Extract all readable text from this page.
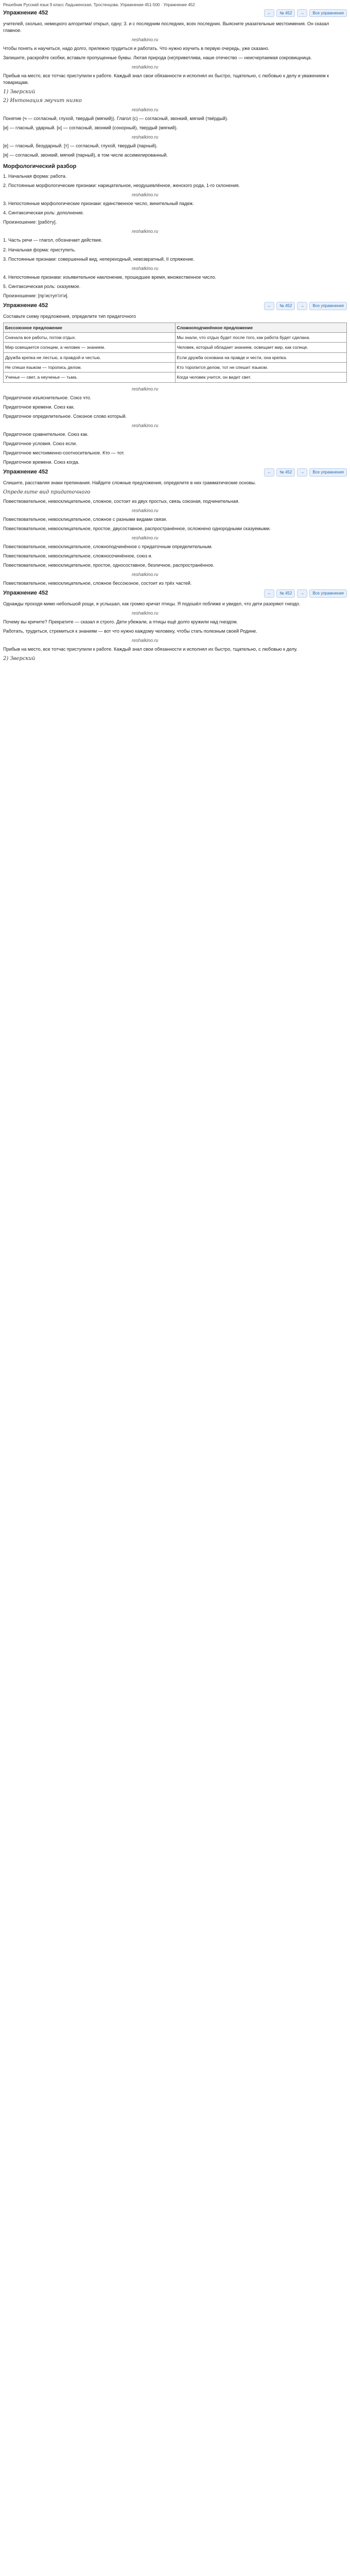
Решебник Русский язык 9 класс Ладыженская, Тростенцова. Упражнение 451-500 · Упражнение 452
Упражнение 452	←	№ 452	→	Все упражнения

учителей, сколько, немецкого алгоритма! открыл, одну; 3. и с последним последних, всех последних. Выясните указательные местоимения. Он сказал главное.

reshalkino.ru

Чтобы понять и научиться, надо долго, прилежно трудиться и работать. Что нужно изучить в первую очередь, уже сказано.

Запишите, раскройте скобки, вставьте пропущенные буквы. Лютая природа (не)приветлива, наше отечество — неисчерпаемая сокровищница.

reshalkino.ru

Прибыв на место, все тотчас приступили к работе. Каждый знал свои обязанности и исполнял их быстро, тщательно, с любовью к делу и уважением к товарищам.

1) Зверский
2) Интонация звучит низко
reshalkino.ru

Понятие (ч — согласный, глухой, твердый (мягкий)). Глагол (с) — согласный, звонкий, мягкий (твёрдый).

[и] — гласный, ударный. [н] — согласный, звонкий (сонорный), твердый (мягкий).

reshalkino.ru

[е] — гласный, безударный. [т] — согласный, глухой, твердый (парный).

[я] — согласный, звонкий, мягкий (парный), в том числе ассимилированный.

Морфологический разбор

1. Начальная форма: работа.

2. Постоянные морфологические признаки: нарицательное, неодушевлённое, женского рода, 1-го склонения.

reshalkino.ru

3. Непостоянные морфологические признаки: единственное число, винительный падеж.

4. Синтаксическая роль: дополнение.

Произношение: [рабóту].

reshalkino.ru

1. Часть речи — глагол, обозначает действие.

2. Начальная форма: приступить.

3. Постоянные признаки: совершенный вид, непереходный, невозвратный, II спряжение.

reshalkino.ru

4. Непостоянные признаки: изъявительное наклонение, прошедшее время, множественное число.

5. Синтаксическая роль: сказуемое.

Произношение: [пр’иступ’íл’и].

Упражнение 452	←	№ 452	→	Все упражнения

Составьте схему предложения, определите тип придаточного

Бессоюзное предложение	Сложноподчинённое предложение
Сначала все работы, потом отдых.	Мы знали, что отдых будет после того, как работа будет сделана.
Мир освещается солнцем, а человек — знанием.	Человек, который обладает знанием, освещает мир, как солнце.
Дружба крепка не лестью, а правдой и честью.	Если дружба основана на правде и чести, она крепка.
Не спеши языком — торопись делом.	Кто торопится делом, тот не спешит языком.
Ученье — свет, а неученье — тьма.	Когда человек учится, он видит свет.
reshalkino.ru

Придаточное изъяснительное. Союз что.

Придаточное времени. Союз как.

Придаточное определительное. Союзное слово который.

reshalkino.ru

Придаточное сравнительное. Союз как.

Придаточное условия. Союз если.

Придаточное местоименно-соотносительное. Кто — тот.

Придаточное времени. Союз когда.

Упражнение 452	←	№ 452	→	Все упражнения

Спишите, расставляя знаки препинания. Найдите сложные предложения, определите в них грамматические основы.

Определите вид придаточного

Повествовательное, невосклицательное, сложное, состоит из двух простых, связь союзная, подчинительная.

reshalkino.ru

Повествовательное, невосклицательное, сложное с разными видами связи.

Повествовательное, невосклицательное, простое, двусоставное, распространённое, осложнено однородными сказуемыми.

reshalkino.ru

Повествовательное, невосклицательное, сложноподчинённое с придаточным определительным.

Повествовательное, невосклицательное, сложносочинённое, союз и.

Повествовательное, невосклицательное, простое, односоставное, безличное, распространённое.

reshalkino.ru

Повествовательное, невосклицательное, сложное бессоюзное, состоит из трёх частей.

Упражнение 452	←	№ 452	→	Все упражнения

Однажды проходя мимо небольшой рощи, я услышал, как громко кричат птицы. Я подошёл поближе и увидел, что дети разоряют гнездо.

reshalkino.ru

Почему вы кричите? Прекратите — сказал я строго. Дети убежали, а птицы ещё долго кружили над гнездом.

Работать, трудиться, стремиться к знаниям — вот что нужно каждому человеку, чтобы стать полезным своей Родине.

reshalkino.ru

Прибыв на место, все тотчас приступили к работе. Каждый знал свои обязанности и исполнял их быстро, тщательно, с любовью к делу.

2) Зверский
